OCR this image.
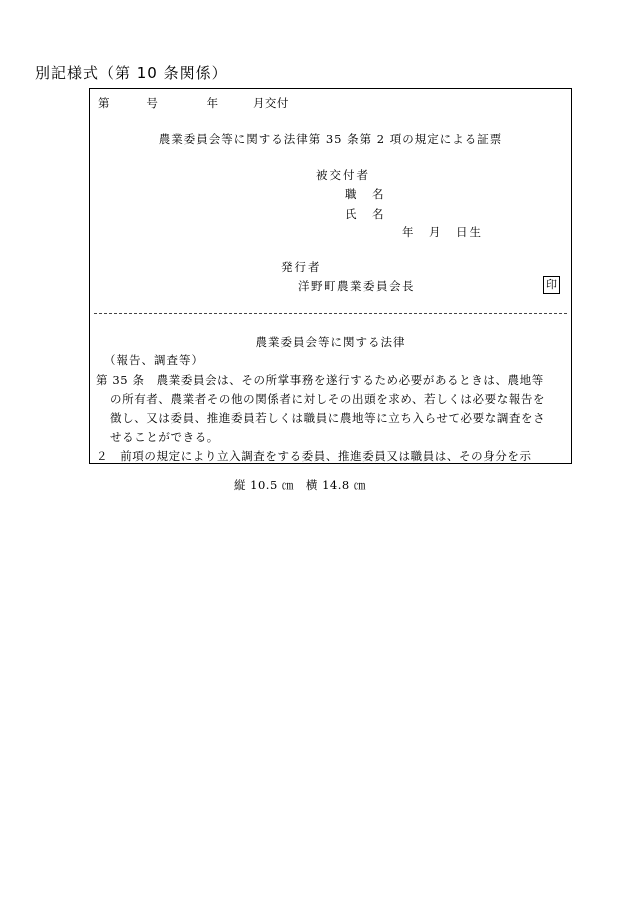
別記様式（第 10 条関係）
第	号	年	月交付
農業委員会等に関する法律第 35 条第 2 項の規定による証票
被交付者
職　名
氏　名
年　月　日生
発行者
洋野町農業委員会長	印
農業委員会等に関する法律
（報告、調査等）
第 35 条　農業委員会は、その所掌事務を遂行するため必要があるときは、農地等
の所有者、農業者その他の関係者に対しその出頭を求め、若しくは必要な報告を
徴し、又は委員、推進委員若しくは職員に農地等に立ち入らせて必要な調査をさ
せることができる。
２　前項の規定により立入調査をする委員、推進委員又は職員は、その身分を示
縦 10.5 ㎝　横 14.8 ㎝
